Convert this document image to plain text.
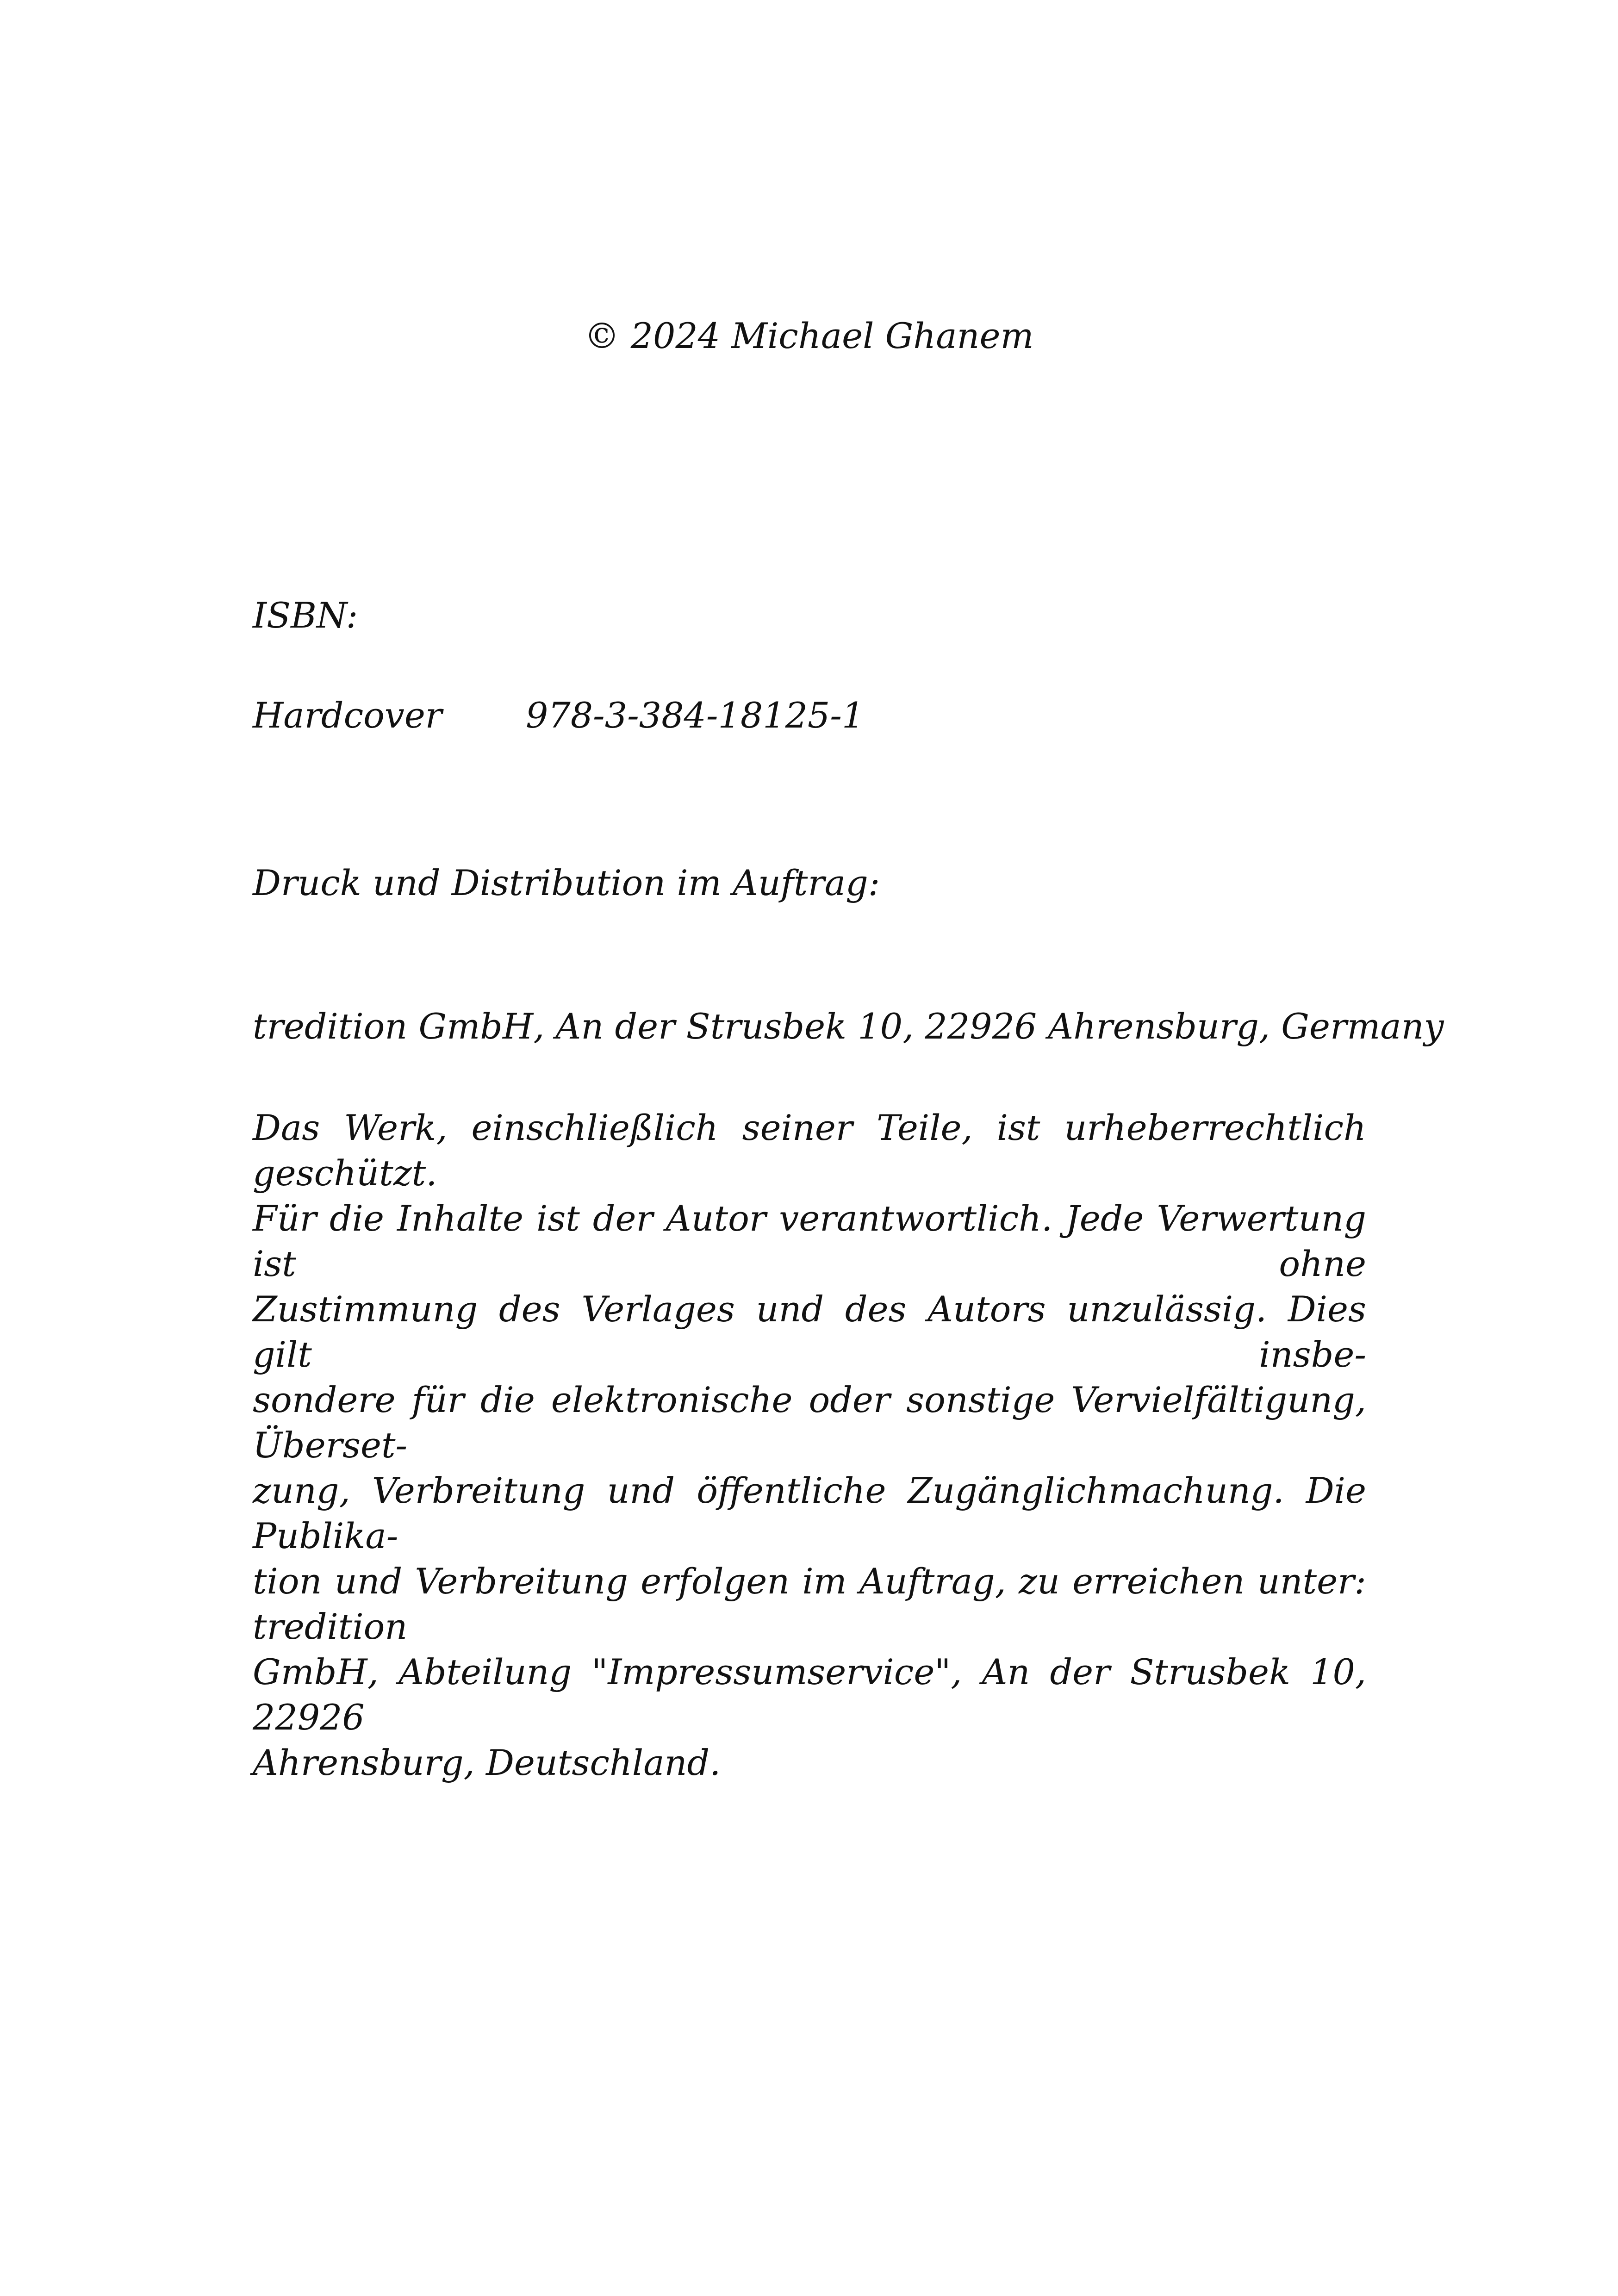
© 2024 Michael Ghanem

ISBN:

Hardcover 978-3-384-18125-1

Druck und Distribution im Auftrag:

tredition GmbH, An der Strusbek 10, 22926 Ahrensburg, Germany

Das Werk, einschließlich seiner Teile, ist urheberrechtlich geschützt.
Für die Inhalte ist der Autor verantwortlich. Jede Verwertung ist ohne
Zustimmung des Verlages und des Autors unzulässig. Dies gilt insbe-
sondere für die elektronische oder sonstige Vervielfältigung, Überset-
zung, Verbreitung und öffentliche Zugänglichmachung. Die Publika-
tion und Verbreitung erfolgen im Auftrag, zu erreichen unter: tredition
GmbH, Abteilung "Impressumservice", An der Strusbek 10, 22926
Ahrensburg, Deutschland.
